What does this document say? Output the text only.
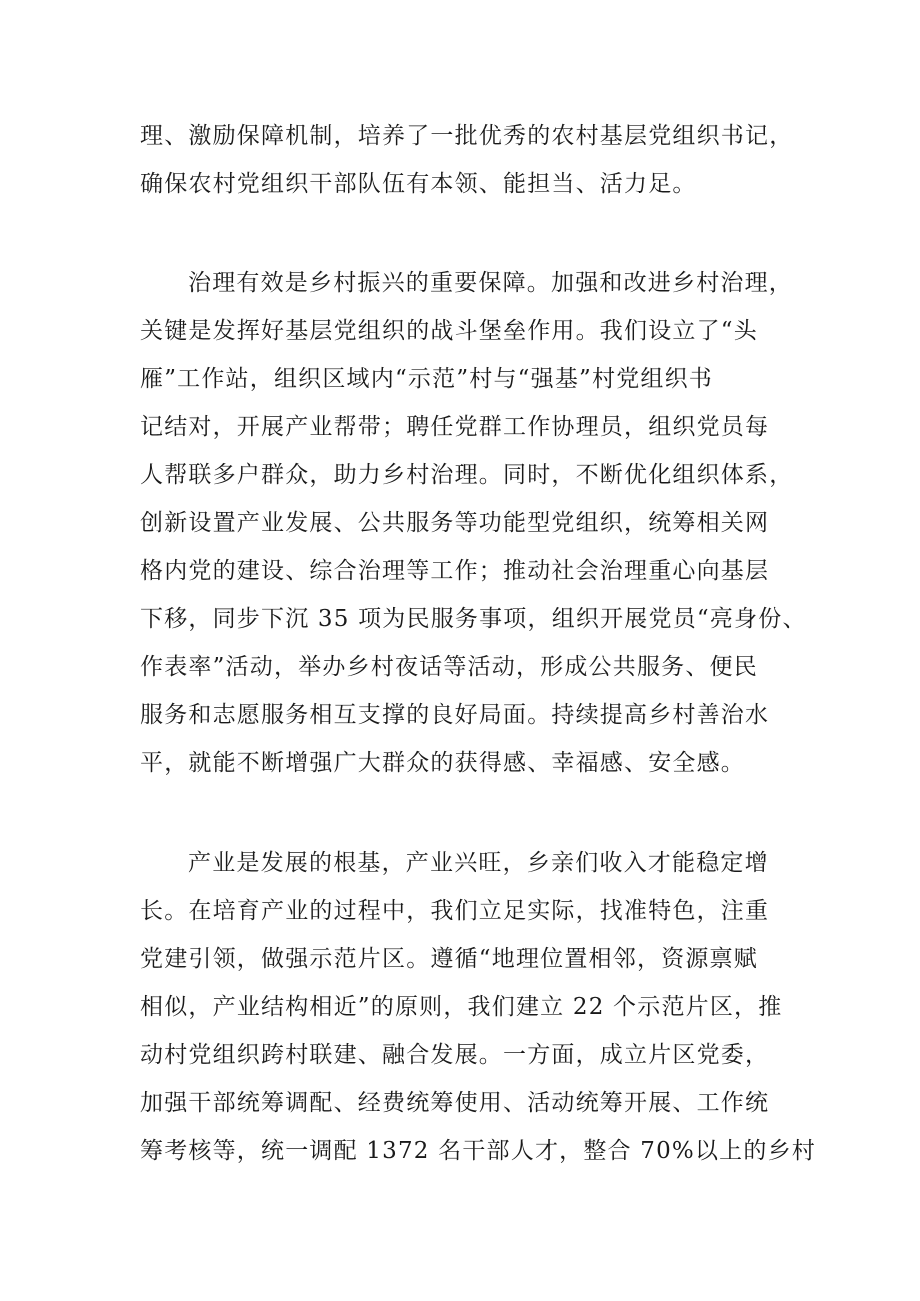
理、激励保障机制，培养了一批优秀的农村基层党组织书记，
确保农村党组织干部队伍有本领、能担当、活力足。
治理有效是乡村振兴的重要保障。加强和改进乡村治理，
关键是发挥好基层党组织的战斗堡垒作用。我们设立了“头
雁”工作站，组织区域内“示范”村与“强基”村党组织书
记结对，开展产业帮带；聘任党群工作协理员，组织党员每
人帮联多户群众，助力乡村治理。同时，不断优化组织体系，
创新设置产业发展、公共服务等功能型党组织，统筹相关网
格内党的建设、综合治理等工作；推动社会治理重心向基层
下移，同步下沉 35 项为民服务事项，组织开展党员“亮身份、
作表率”活动，举办乡村夜话等活动，形成公共服务、便民
服务和志愿服务相互支撑的良好局面。持续提高乡村善治水
平，就能不断增强广大群众的获得感、幸福感、安全感。
产业是发展的根基，产业兴旺，乡亲们收入才能稳定增
长。在培育产业的过程中，我们立足实际，找准特色，注重
党建引领，做强示范片区。遵循“地理位置相邻，资源禀赋
相似，产业结构相近”的原则，我们建立 22 个示范片区，推
动村党组织跨村联建、融合发展。一方面，成立片区党委，
加强干部统筹调配、经费统筹使用、活动统筹开展、工作统
筹考核等，统一调配 1372 名干部人才，整合 70%以上的乡村
